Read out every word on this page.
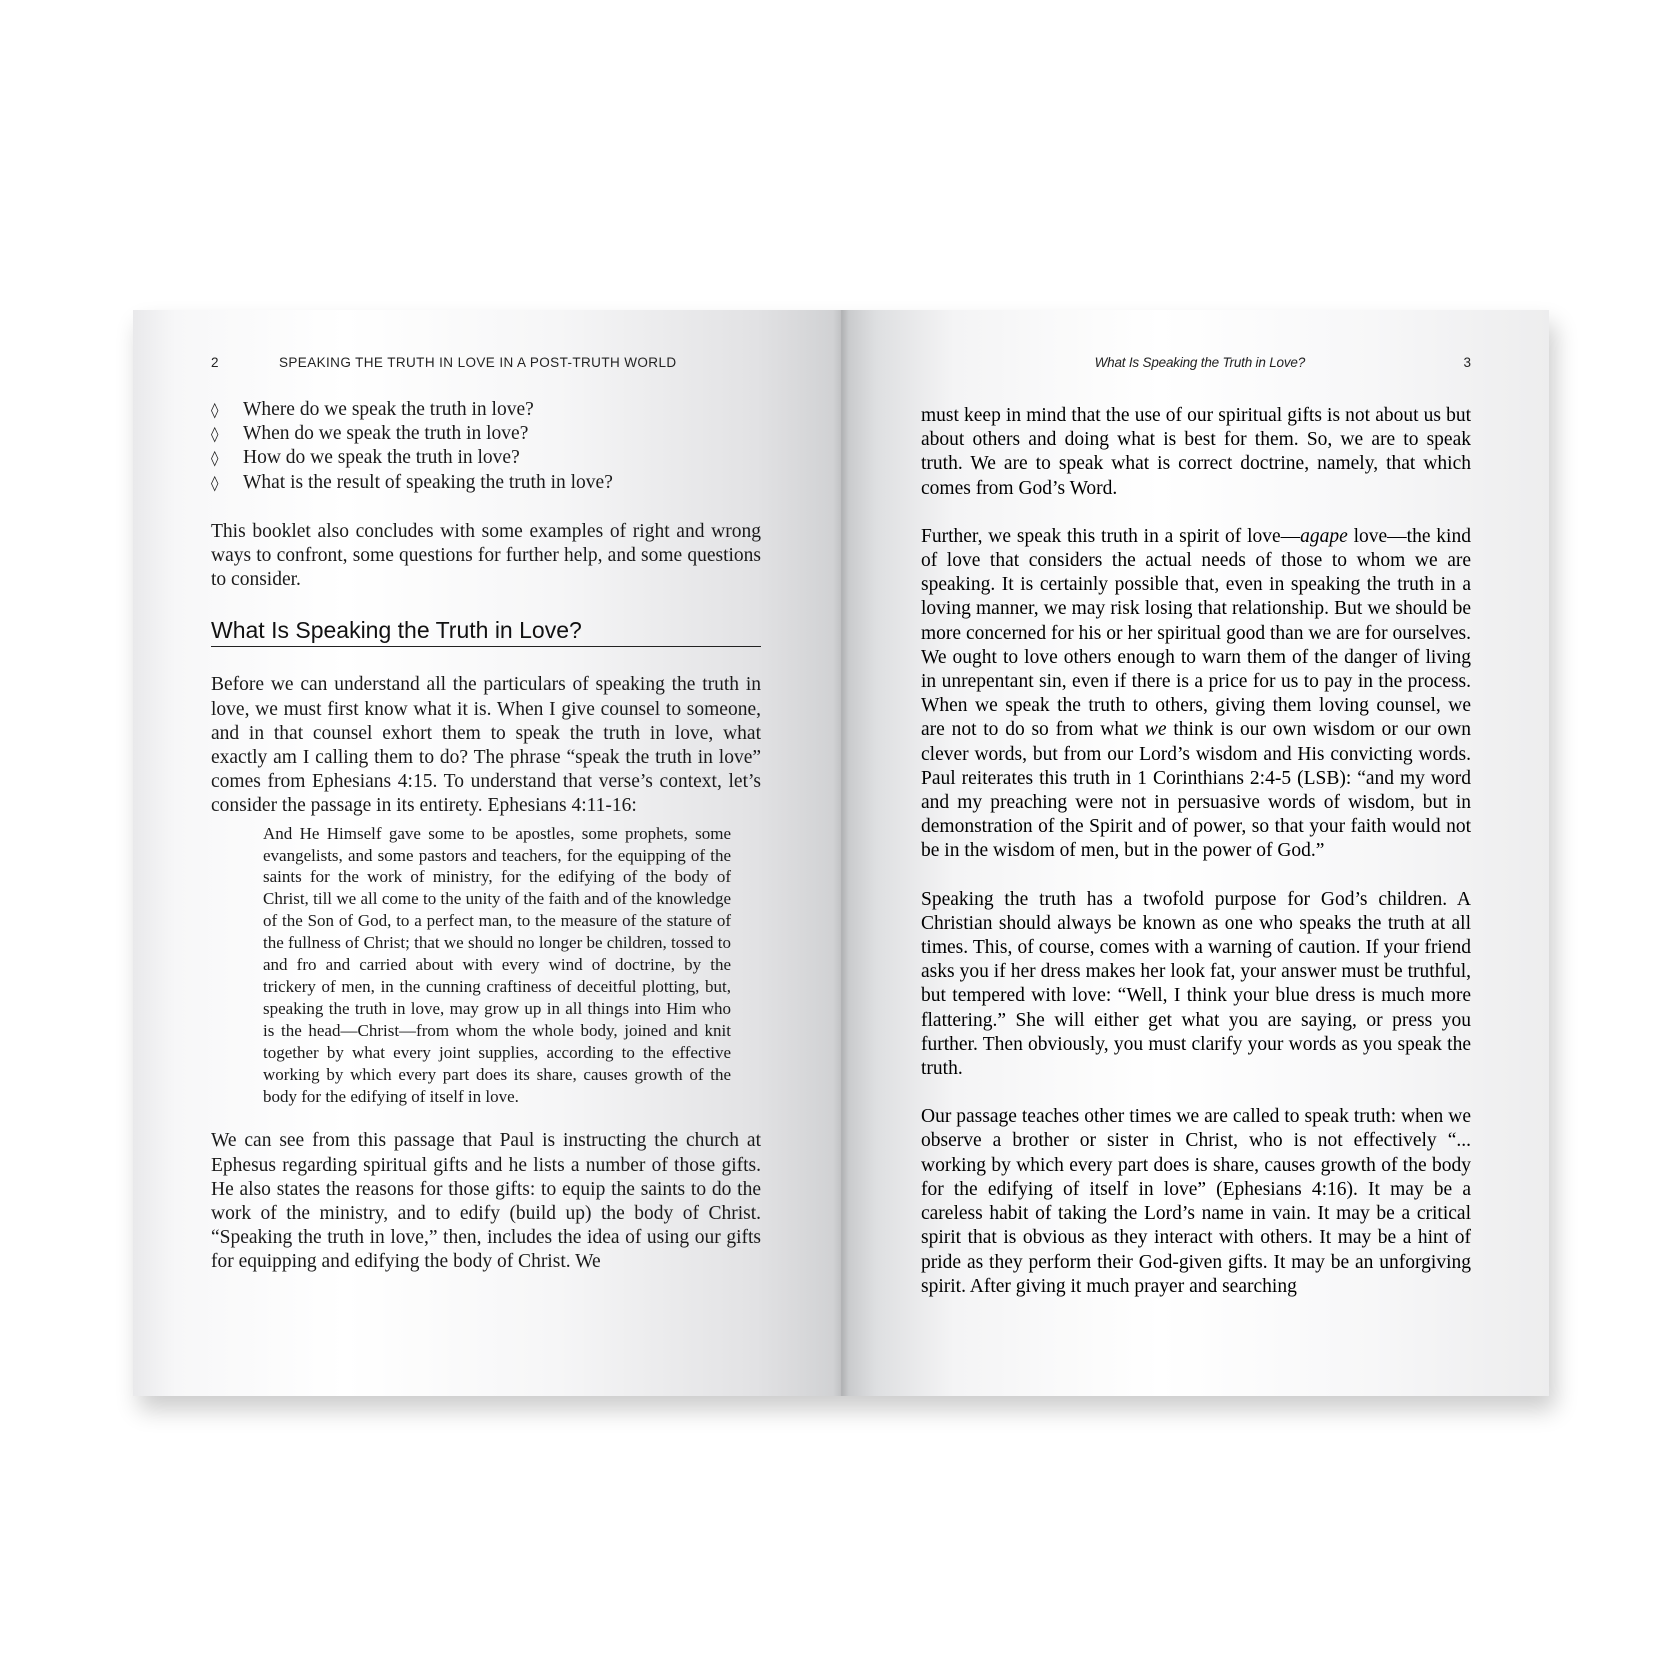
2	SPEAKING THE TRUTH IN LOVE IN A POST-TRUTH WORLD
◊ Where do we speak the truth in love?
◊ When do we speak the truth in love?
◊ How do we speak the truth in love?
◊ What is the result of speaking the truth in love?

This booklet also concludes with some examples of right and wrong ways to confront, some questions for further help, and some questions to consider.

What Is Speaking the Truth in Love?

Before we can understand all the particulars of speaking the truth in love, we must first know what it is. When I give counsel to someone, and in that counsel exhort them to speak the truth in love, what exactly am I calling them to do? The phrase “speak the truth in love” comes from Ephesians 4:15. To understand that verse’s context, let’s consider the passage in its entirety. Ephesians 4:11-16:

And He Himself gave some to be apostles, some prophets, some evangelists, and some pastors and teachers, for the equipping of the saints for the work of ministry, for the edifying of the body of Christ, till we all come to the unity of the faith and of the knowledge of the Son of God, to a perfect man, to the measure of the stature of the fullness of Christ; that we should no longer be children, tossed to and fro and carried about with every wind of doctrine, by the trickery of men, in the cunning craftiness of deceitful plotting, but, speaking the truth in love, may grow up in all things into Him who is the head—Christ—from whom the whole body, joined and knit together by what every joint supplies, according to the effective working by which every part does its share, causes growth of the body for the edifying of itself in love.

We can see from this passage that Paul is instructing the church at Ephesus regarding spiritual gifts and he lists a number of those gifts. He also states the reasons for those gifts: to equip the saints to do the work of the ministry, and to edify (build up) the body of Christ. “Speaking the truth in love,” then, includes the idea of using our gifts for equipping and edifying the body of Christ. We

What Is Speaking the Truth in Love?	3

must keep in mind that the use of our spiritual gifts is not about us but about others and doing what is best for them. So, we are to speak truth. We are to speak what is correct doctrine, namely, that which comes from God’s Word.

Further, we speak this truth in a spirit of love—agape love—the kind of love that considers the actual needs of those to whom we are speaking. It is certainly possible that, even in speaking the truth in a loving manner, we may risk losing that relationship. But we should be more concerned for his or her spiritual good than we are for ourselves. We ought to love others enough to warn them of the danger of living in unrepentant sin, even if there is a price for us to pay in the process. When we speak the truth to others, giving them loving counsel, we are not to do so from what we think is our own wisdom or our own clever words, but from our Lord’s wisdom and His convicting words. Paul reiterates this truth in 1 Corinthians 2:4-5 (LSB): “and my word and my preaching were not in persuasive words of wisdom, but in demonstration of the Spirit and of power, so that your faith would not be in the wisdom of men, but in the power of God.”

Speaking the truth has a twofold purpose for God’s children. A Christian should always be known as one who speaks the truth at all times. This, of course, comes with a warning of caution. If your friend asks you if her dress makes her look fat, your answer must be truthful, but tempered with love: “Well, I think your blue dress is much more flattering.” She will either get what you are saying, or press you further. Then obviously, you must clarify your words as you speak the truth.

Our passage teaches other times we are called to speak truth: when we observe a brother or sister in Christ, who is not effectively “... working by which every part does is share, causes growth of the body for the edifying of itself in love” (Ephesians 4:16). It may be a careless habit of taking the Lord’s name in vain. It may be a critical spirit that is obvious as they interact with others. It may be a hint of pride as they perform their God-given gifts. It may be an unforgiving spirit. After giving it much prayer and searching
